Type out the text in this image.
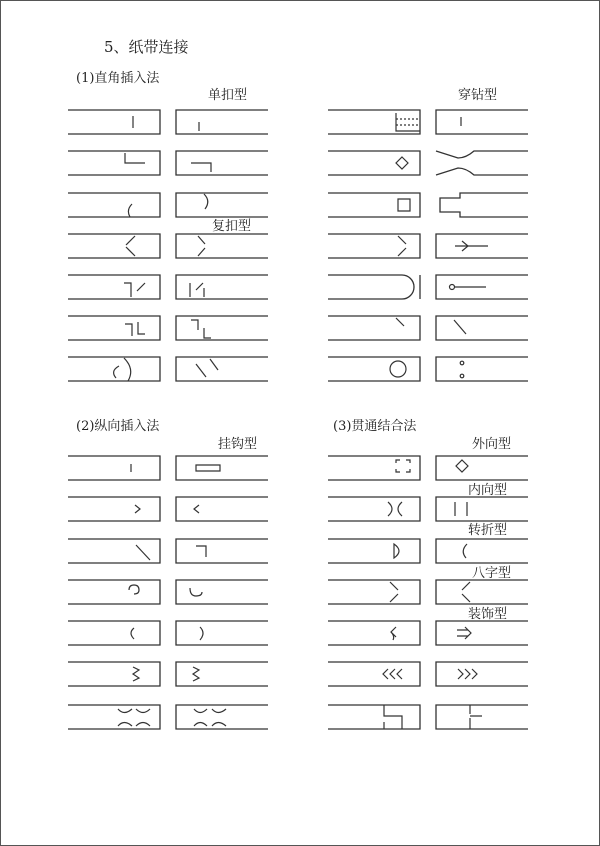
5、纸带连接
(1)直角插入法
(2)纵向插入法	(3)贯通结合法
单扣型
复扣型
穿钻型
挂钩型	外向型
内向型
转折型
八字型
装饰型
